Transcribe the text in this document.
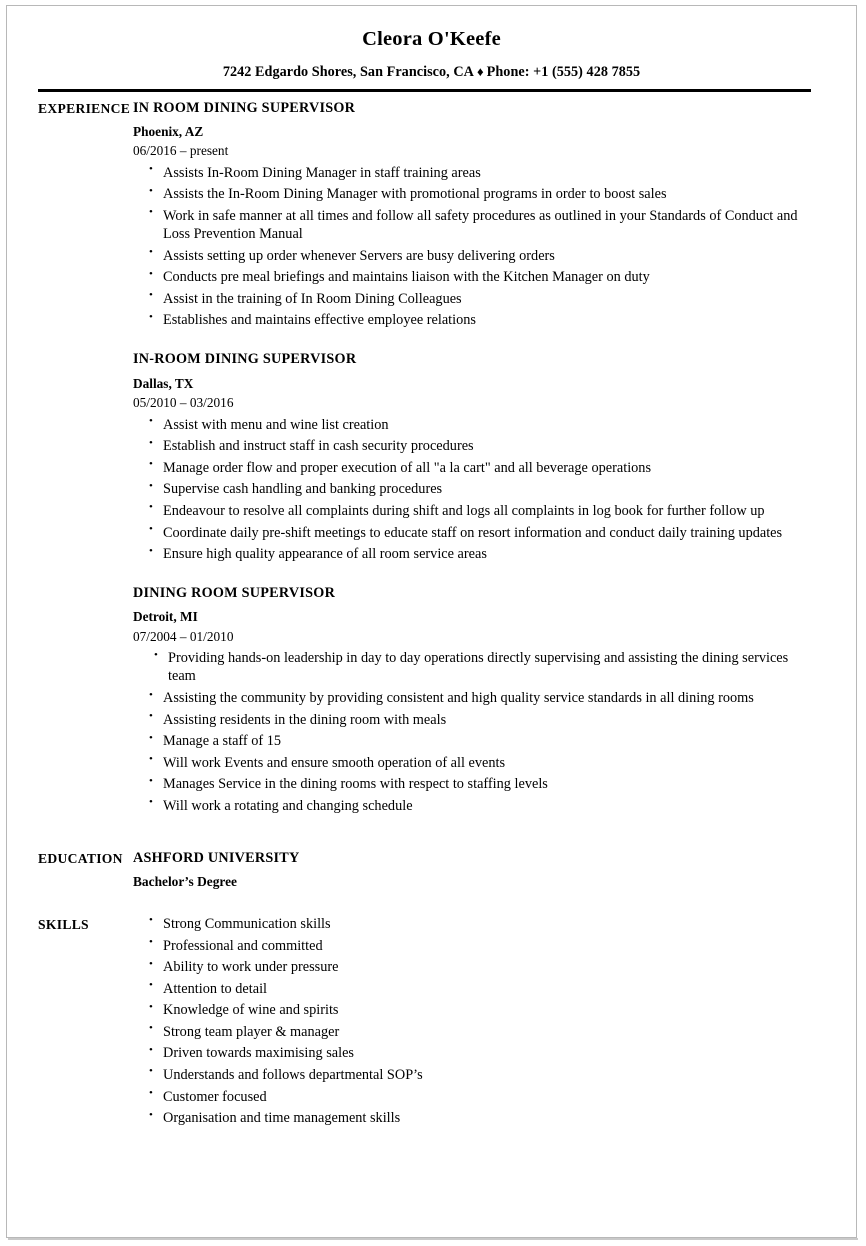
Cleora O'Keefe
7242 Edgardo Shores, San Francisco, CA ♦ Phone: +1 (555) 428 7855
EXPERIENCE IN ROOM DINING SUPERVISOR
Phoenix, AZ
06/2016 – present
• Assists In-Room Dining Manager in staff training areas
• Assists the In-Room Dining Manager with promotional programs in order to boost sales
• Work in safe manner at all times and follow all safety procedures as outlined in your Standards of Conduct and Loss Prevention Manual
• Assists setting up order whenever Servers are busy delivering orders
• Conducts pre meal briefings and maintains liaison with the Kitchen Manager on duty
• Assist in the training of In Room Dining Colleagues
• Establishes and maintains effective employee relations
IN-ROOM DINING SUPERVISOR
Dallas, TX
05/2010 – 03/2016
• Assist with menu and wine list creation
• Establish and instruct staff in cash security procedures
• Manage order flow and proper execution of all "a la cart" and all beverage operations
• Supervise cash handling and banking procedures
• Endeavour to resolve all complaints during shift and logs all complaints in log book for further follow up
• Coordinate daily pre-shift meetings to educate staff on resort information and conduct daily training updates
• Ensure high quality appearance of all room service areas
DINING ROOM SUPERVISOR
Detroit, MI
07/2004 – 01/2010
• Providing hands-on leadership in day to day operations directly supervising and assisting the dining services team
• Assisting the community by providing consistent and high quality service standards in all dining rooms
• Assisting residents in the dining room with meals
• Manage a staff of 15
• Will work Events and ensure smooth operation of all events
• Manages Service in the dining rooms with respect to staffing levels
• Will work a rotating and changing schedule
EDUCATION ASHFORD UNIVERSITY
Bachelor’s Degree
SKILLS	• Strong Communication skills
• Professional and committed
• Ability to work under pressure
• Attention to detail
• Knowledge of wine and spirits
• Strong team player & manager
• Driven towards maximising sales
• Understands and follows departmental SOP’s
• Customer focused
• Organisation and time management skills
